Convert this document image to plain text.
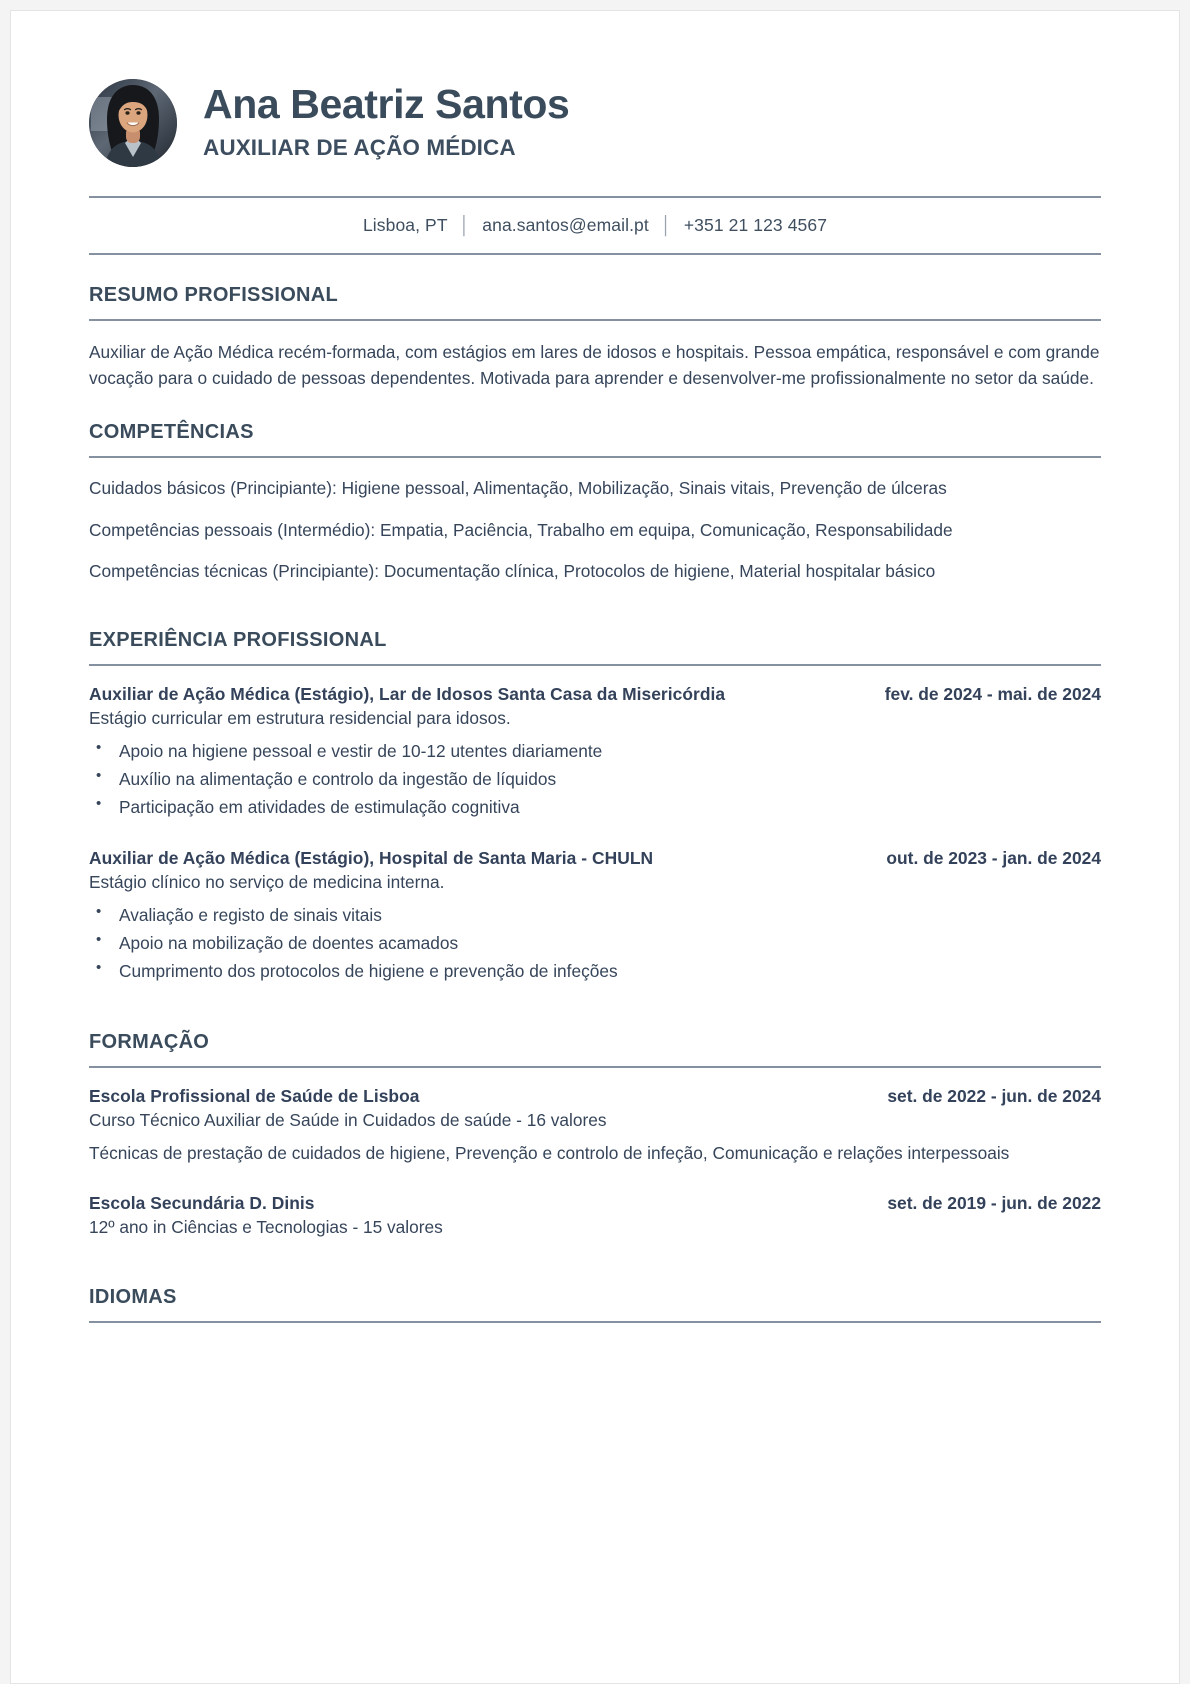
Ana Beatriz Santos
AUXILIAR DE AÇÃO MÉDICA
Lisboa, PT │ ana.santos@email.pt │ +351 21 123 4567
RESUMO PROFISSIONAL

Auxiliar de Ação Médica recém-formada, com estágios em lares de idosos e hospitais. Pessoa empática, responsável e com grande vocação para o cuidado de pessoas dependentes. Motivada para aprender e desenvolver-me profissionalmente no setor da saúde.

COMPETÊNCIAS

Cuidados básicos (Principiante): Higiene pessoal, Alimentação, Mobilização, Sinais vitais, Prevenção de úlceras

Competências pessoais (Intermédio): Empatia, Paciência, Trabalho em equipa, Comunicação, Responsabilidade

Competências técnicas (Principiante): Documentação clínica, Protocolos de higiene, Material hospitalar básico

EXPERIÊNCIA PROFISSIONAL
Auxiliar de Ação Médica (Estágio), Lar de Idosos Santa Casa da Misericórdia	fev. de 2024 - mai. de 2024

Estágio curricular em estrutura residencial para idosos.

• Apoio na higiene pessoal e vestir de 10-12 utentes diariamente
• Auxílio na alimentação e controlo da ingestão de líquidos
• Participação em atividades de estimulação cognitiva
Auxiliar de Ação Médica (Estágio), Hospital de Santa Maria - CHULN	out. de 2023 - jan. de 2024

Estágio clínico no serviço de medicina interna.

• Avaliação e registo de sinais vitais
• Apoio na mobilização de doentes acamados
• Cumprimento dos protocolos de higiene e prevenção de infeções
FORMAÇÃO
Escola Profissional de Saúde de Lisboa	set. de 2022 - jun. de 2024

Curso Técnico Auxiliar de Saúde in Cuidados de saúde - 16 valores

Técnicas de prestação de cuidados de higiene, Prevenção e controlo de infeção, Comunicação e relações interpessoais

Escola Secundária D. Dinis	set. de 2019 - jun. de 2022

12º ano in Ciências e Tecnologias - 15 valores

IDIOMAS
